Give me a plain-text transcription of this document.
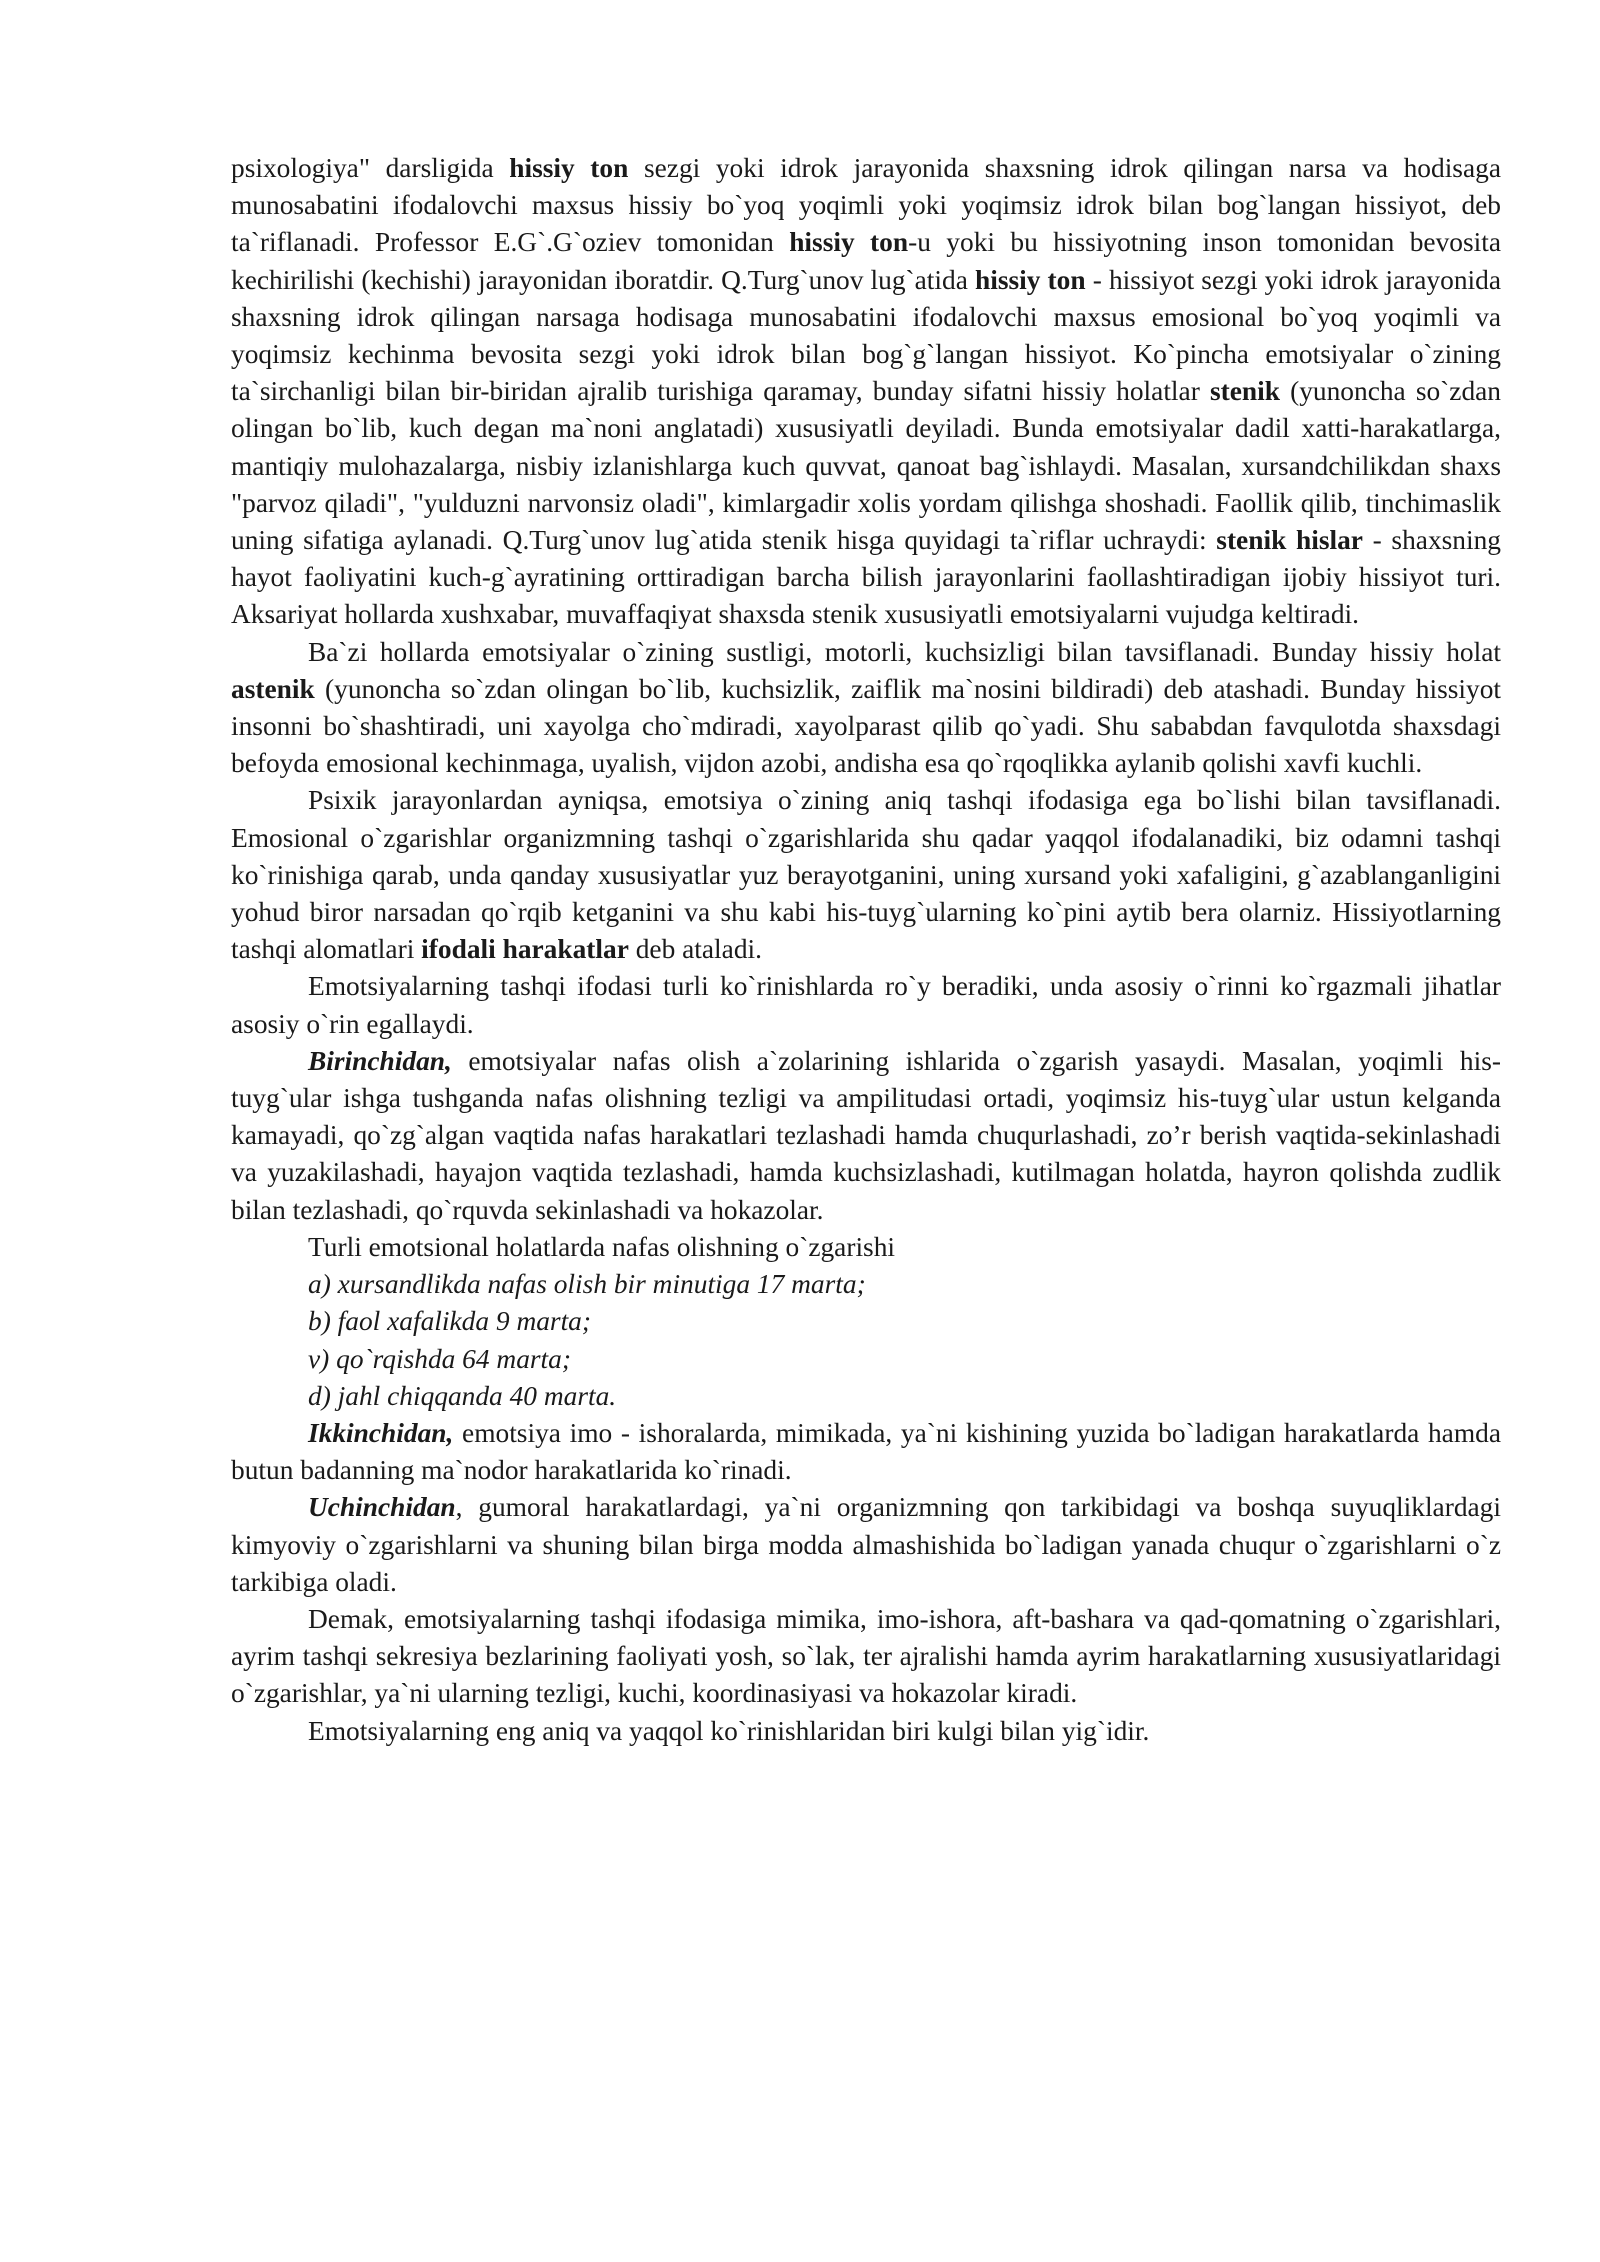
psixologiya" darsligida hissiy ton sezgi yoki idrok jarayonida shaxsning idrok qilingan narsa va hodisaga munosabatini ifodalovchi maxsus hissiy bo`yoq yoqimli yoki yoqimsiz idrok bilan bog`langan hissiyot, deb ta`riflanadi. Professor E.G`.G`oziev tomonidan hissiy ton-u yoki bu hissiyotning inson tomonidan bevosita kechirilishi (kechishi) jarayonidan iboratdir. Q.Turg`unov lug`atida hissiy ton - hissiyot sezgi yoki idrok jarayonida shaxsning idrok qilingan narsaga hodisaga munosabatini ifodalovchi maxsus emosional bo`yoq yoqimli va yoqimsiz kechinma bevosita sezgi yoki idrok bilan bog`g`langan hissiyot. Ko`pincha emotsiyalar o`zining ta`sirchanligi bilan bir-biridan ajralib turishiga qaramay, bunday sifatni hissiy holatlar stenik (yunoncha so`zdan olingan bo`lib, kuch degan ma`noni anglatadi) xususiyatli deyiladi. Bunda emotsiyalar dadil xatti-harakatlarga, mantiqiy mulohazalarga, nisbiy izlanishlarga kuch quvvat, qanoat bag`ishlaydi. Masalan, xursandchilikdan shaxs "parvoz qiladi", "yulduzni narvonsiz oladi", kimlargadir xolis yordam qilishga shoshadi. Faollik qilib, tinchimaslik uning sifatiga aylanadi. Q.Turg`unov lug`atida stenik hisga quyidagi ta`riflar uchraydi: stenik hislar - shaxsning hayot faoliyatini kuch-g`ayratining orttiradigan barcha bilish jarayonlarini faollashtiradigan ijobiy hissiyot turi. Aksariyat hollarda xushxabar, muvaffaqiyat shaxsda stenik xususiyatli emotsiyalarni vujudga keltiradi.

Ba`zi hollarda emotsiyalar o`zining sustligi, motorli, kuchsizligi bilan tavsiflanadi. Bunday hissiy holat astenik (yunoncha so`zdan olingan bo`lib, kuchsizlik, zaiflik ma`nosini bildiradi) deb atashadi. Bunday hissiyot insonni bo`shashtiradi, uni xayolga cho`mdiradi, xayolparast qilib qo`yadi. Shu sababdan favqulotda shaxsdagi befoyda emosional kechinmaga, uyalish, vijdon azobi, andisha esa qo`rqoqlikka aylanib qolishi xavfi kuchli.

Psixik jarayonlardan ayniqsa, emotsiya o`zining aniq tashqi ifodasiga ega bo`lishi bilan tavsiflanadi. Emosional o`zgarishlar organizmning tashqi o`zgarishlarida shu qadar yaqqol ifodalanadiki, biz odamni tashqi ko`rinishiga qarab, unda qanday xususiyatlar yuz berayotganini, uning xursand yoki xafaligini, g`azablanganligini yohud biror narsadan qo`rqib ketganini va shu kabi his-tuyg`ularning ko`pini aytib bera olarniz. Hissiyotlarning tashqi alomatlari ifodali harakatlar deb ataladi.

Emotsiyalarning tashqi ifodasi turli ko`rinishlarda ro`y beradiki, unda asosiy o`rinni ko`rgazmali jihatlar asosiy o`rin egallaydi.

Birinchidan, emotsiyalar nafas olish a`zolarining ishlarida o`zgarish yasaydi. Masalan, yoqimli his-tuyg`ular ishga tushganda nafas olishning tezligi va ampilitudasi ortadi, yoqimsiz his-tuyg`ular ustun kelganda kamayadi, qo`zg`algan vaqtida nafas harakatlari tezlashadi hamda chuqurlashadi, zo’r berish vaqtida-sekinlashadi va yuzakilashadi, hayajon vaqtida tezlashadi, hamda kuchsizlashadi, kutilmagan holatda, hayron qolishda zudlik bilan tezlashadi, qo`rquvda sekinlashadi va hokazolar.

Turli emotsional holatlarda nafas olishning o`zgarishi

a) xursandlikda nafas olish bir minutiga 17 marta;

b) faol xafalikda 9 marta;

v) qo`rqishda 64 marta;

d) jahl chiqqanda 40 marta.

Ikkinchidan, emotsiya imo - ishoralarda, mimikada, ya`ni kishining yuzida bo`ladigan harakatlarda hamda butun badanning ma`nodor harakatlarida ko`rinadi.

Uchinchidan, gumoral harakatlardagi, ya`ni organizmning qon tarkibidagi va boshqa suyuqliklardagi kimyoviy o`zgarishlarni va shuning bilan birga modda almashishida bo`ladigan yanada chuqur o`zgarishlarni o`z tarkibiga oladi.

Demak, emotsiyalarning tashqi ifodasiga mimika, imo-ishora, aft-bashara va qad-qomatning o`zgarishlari, ayrim tashqi sekresiya bezlarining faoliyati yosh, so`lak, ter ajralishi hamda ayrim harakatlarning xususiyatlaridagi o`zgarishlar, ya`ni ularning tezligi, kuchi, koordinasiyasi va hokazolar kiradi.

Emotsiyalarning eng aniq va yaqqol ko`rinishlaridan biri kulgi bilan yig`idir.
